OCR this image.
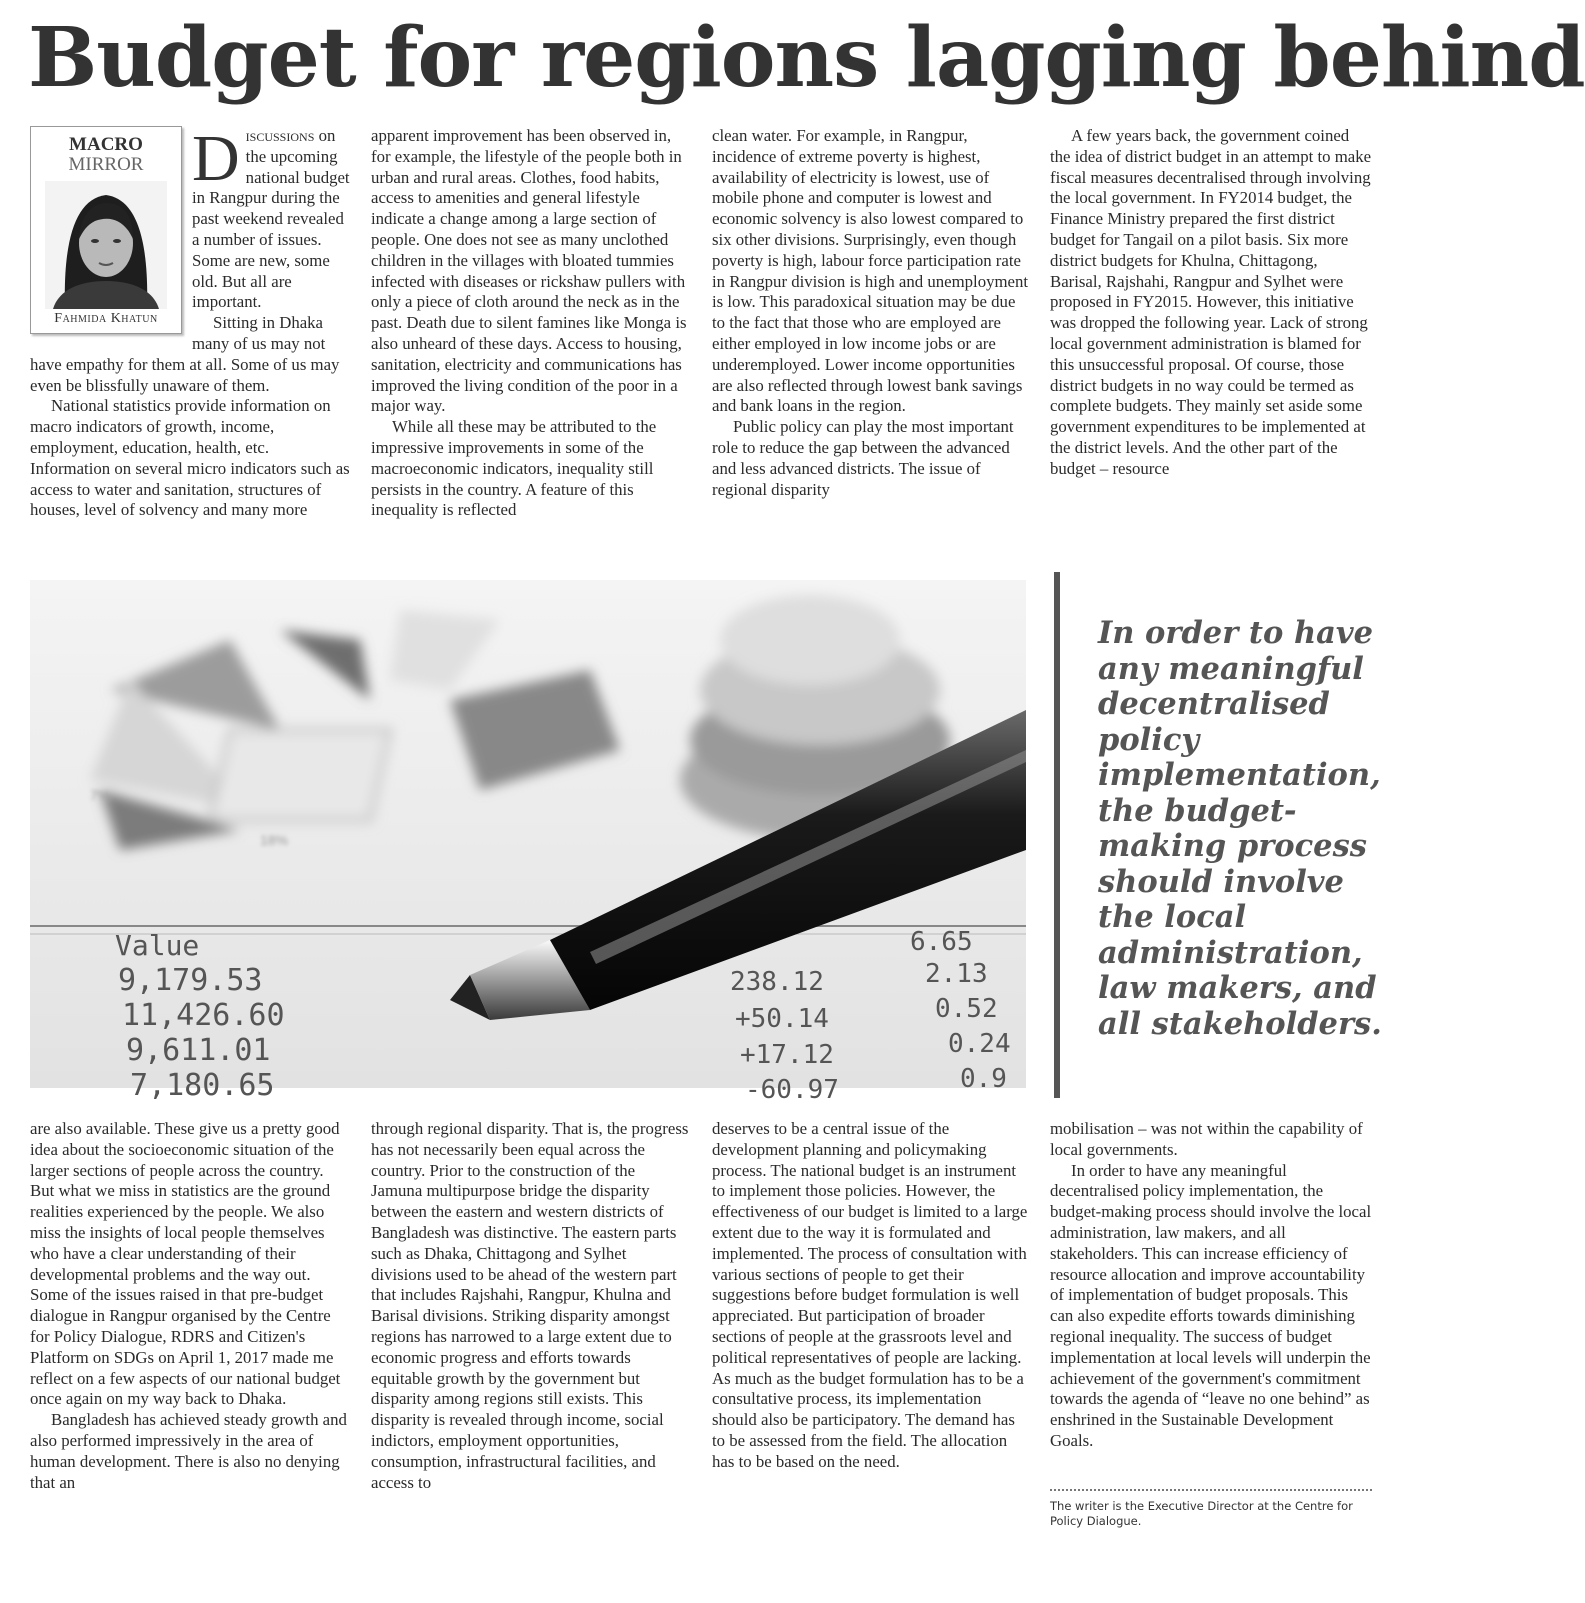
Budget for regions lagging behind
MACRO
MIRROR
Fahmida Khatun

Discussions on the upcoming national budget in Rangpur during the past weekend revealed a number of issues. Some are new, some old. But all are important.

Sitting in Dhaka many of us may not have empathy for them at all. Some of us may even be blissfully unaware of them.

National statistics provide information on macro indicators of growth, income, employment, education, health, etc. Information on several micro indicators such as access to water and sanitation, structures of houses, level of solvency and many more

apparent improvement has been observed in, for example, the lifestyle of the people both in urban and rural areas. Clothes, food habits, access to amenities and general lifestyle indicate a change among a large section of people. One does not see as many unclothed children in the villages with bloated tummies infected with diseases or rickshaw pullers with only a piece of cloth around the neck as in the past. Death due to silent famines like Monga is also unheard of these days. Access to housing, sanitation, electricity and communications has improved the living condition of the poor in a major way.

While all these may be attributed to the impressive improvements in some of the macroeconomic indicators, inequality still persists in the country. A feature of this inequality is reflected

clean water. For example, in Rangpur, incidence of extreme poverty is highest, availability of electricity is lowest, use of mobile phone and computer is lowest and economic solvency is also lowest compared to six other divisions. Surprisingly, even though poverty is high, labour force participation rate in Rangpur division is high and unemployment is low. This paradoxical situation may be due to the fact that those who are employed are either employed in low income jobs or are underemployed. Lower income opportunities are also reflected through lowest bank savings and bank loans in the region.

Public policy can play the most important role to reduce the gap between the advanced and less advanced districts. The issue of regional disparity

A few years back, the government coined the idea of district budget in an attempt to make fiscal measures decentralised through involving the local government. In FY2014 budget, the Finance Ministry prepared the first district budget for Tangail on a pilot basis. Six more district budgets for Khulna, Chittagong, Barisal, Rajshahi, Rangpur and Sylhet were proposed in FY2015. However, this initiative was dropped the following year. Lack of strong local government administration is blamed for this unsuccessful proposal. Of course, those district budgets in no way could be termed as complete budgets. They mainly set aside some government expenditures to be implemented at the district levels. And the other part of the budget – resource

7%
18%
Value
9,179.53
11,426.60
9,611.01
7,180.65
238.12
+50.14
+17.12
-60.97
6.65
2.13
0.52
0.24
0.9

In order to have any meaningful decentralised policy implementation, the budget-making process should involve the local administration, law makers, and all stakeholders.

are also available. These give us a pretty good idea about the socioeconomic situation of the larger sections of people across the country. But what we miss in statistics are the ground realities experienced by the people. We also miss the insights of local people themselves who have a clear understanding of their developmental problems and the way out. Some of the issues raised in that pre-budget dialogue in Rangpur organised by the Centre for Policy Dialogue, RDRS and Citizen's Platform on SDGs on April 1, 2017 made me reflect on a few aspects of our national budget once again on my way back to Dhaka.

Bangladesh has achieved steady growth and also performed impressively in the area of human development. There is also no denying that an

through regional disparity. That is, the progress has not necessarily been equal across the country. Prior to the construction of the Jamuna multipurpose bridge the disparity between the eastern and western districts of Bangladesh was distinctive. The eastern parts such as Dhaka, Chittagong and Sylhet divisions used to be ahead of the western part that includes Rajshahi, Rangpur, Khulna and Barisal divisions. Striking disparity amongst regions has narrowed to a large extent due to economic progress and efforts towards equitable growth by the government but disparity among regions still exists. This disparity is revealed through income, social indictors, employment opportunities, consumption, infrastructural facilities, and access to

deserves to be a central issue of the development planning and policymaking process. The national budget is an instrument to implement those policies. However, the effectiveness of our budget is limited to a large extent due to the way it is formulated and implemented. The process of consultation with various sections of people to get their suggestions before budget formulation is well appreciated. But participation of broader sections of people at the grassroots level and political representatives of people are lacking. As much as the budget formulation has to be a consultative process, its implementation should also be participatory. The demand has to be assessed from the field. The allocation has to be based on the need.

mobilisation – was not within the capability of local governments.

In order to have any meaningful decentralised policy implementation, the budget-making process should involve the local administration, law makers, and all stakeholders. This can increase efficiency of resource allocation and improve accountability of implementation of budget proposals. This can also expedite efforts towards diminishing regional inequality. The success of budget implementation at local levels will underpin the achievement of the government's commitment towards the agenda of “leave no one behind” as enshrined in the Sustainable Development Goals.

The writer is the Executive Director at the Centre for Policy Dialogue.
